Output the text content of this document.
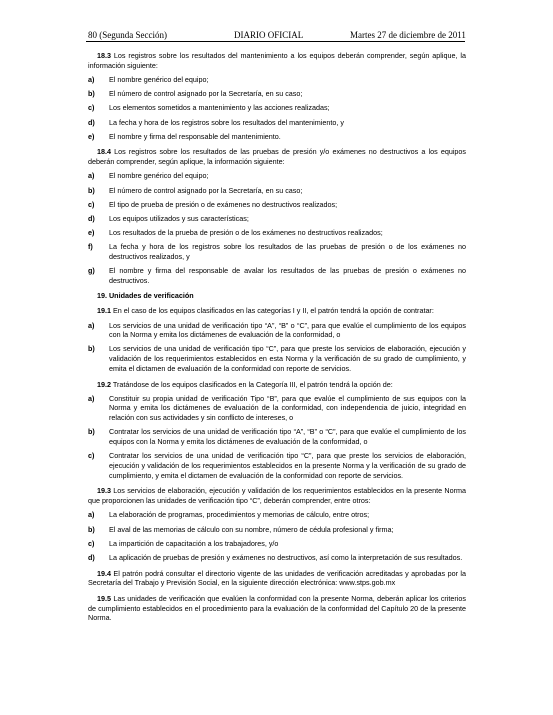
80 (Segunda Sección)	DIARIO OFICIAL	Martes 27 de diciembre de 2011
18.3 Los registros sobre los resultados del mantenimiento a los equipos deberán comprender, según aplique, la información siguiente:
a) El nombre genérico del equipo;
b) El número de control asignado por la Secretaría, en su caso;
c) Los elementos sometidos a mantenimiento y las acciones realizadas;
d) La fecha y hora de los registros sobre los resultados del mantenimiento, y
e) El nombre y firma del responsable del mantenimiento.
18.4 Los registros sobre los resultados de las pruebas de presión y/o exámenes no destructivos a los equipos deberán comprender, según aplique, la información siguiente:
a) El nombre genérico del equipo;
b) El número de control asignado por la Secretaría, en su caso;
c) El tipo de prueba de presión o de exámenes no destructivos realizados;
d) Los equipos utilizados y sus características;
e) Los resultados de la prueba de presión o de los exámenes no destructivos realizados;
f) La fecha y hora de los registros sobre los resultados de las pruebas de presión o de los exámenes no destructivos realizados, y
g) El nombre y firma del responsable de avalar los resultados de las pruebas de presión o exámenes no destructivos.
19. Unidades de verificación
19.1 En el caso de los equipos clasificados en las categorías I y II, el patrón tendrá la opción de contratar:
a) Los servicios de una unidad de verificación tipo “A”, “B” o “C”, para que evalúe el cumplimiento de los equipos con la Norma y emita los dictámenes de evaluación de la conformidad, o
b) Los servicios de una unidad de verificación tipo “C”, para que preste los servicios de elaboración, ejecución y validación de los requerimientos establecidos en esta Norma y la verificación de su grado de cumplimiento, y emita el dictamen de evaluación de la conformidad con reporte de servicios.
19.2 Tratándose de los equipos clasificados en la Categoría III, el patrón tendrá la opción de:
a) Constituir su propia unidad de verificación Tipo “B”, para que evalúe el cumplimiento de sus equipos con la Norma y emita los dictámenes de evaluación de la conformidad, con independencia de juicio, integridad en relación con sus actividades y sin conflicto de intereses, o
b) Contratar los servicios de una unidad de verificación tipo “A”, “B” o “C”, para que evalúe el cumplimiento de los equipos con la Norma y emita los dictámenes de evaluación de la conformidad, o
c) Contratar los servicios de una unidad de verificación tipo “C”, para que preste los servicios de elaboración, ejecución y validación de los requerimientos establecidos en la presente Norma y la verificación de su grado de cumplimiento, y emita el dictamen de evaluación de la conformidad con reporte de servicios.
19.3 Los servicios de elaboración, ejecución y validación de los requerimientos establecidos en la presente Norma que proporcionen las unidades de verificación tipo “C”, deberán comprender, entre otros:
a) La elaboración de programas, procedimientos y memorias de cálculo, entre otros;
b) El aval de las memorias de cálculo con su nombre, número de cédula profesional y firma;
c) La impartición de capacitación a los trabajadores, y/o
d) La aplicación de pruebas de presión y exámenes no destructivos, así como la interpretación de sus resultados.
19.4 El patrón podrá consultar el directorio vigente de las unidades de verificación acreditadas y aprobadas por la Secretaría del Trabajo y Previsión Social, en la siguiente dirección electrónica: www.stps.gob.mx
19.5 Las unidades de verificación que evalúen la conformidad con la presente Norma, deberán aplicar los criterios de cumplimiento establecidos en el procedimiento para la evaluación de la conformidad del Capítulo 20 de la presente Norma.
